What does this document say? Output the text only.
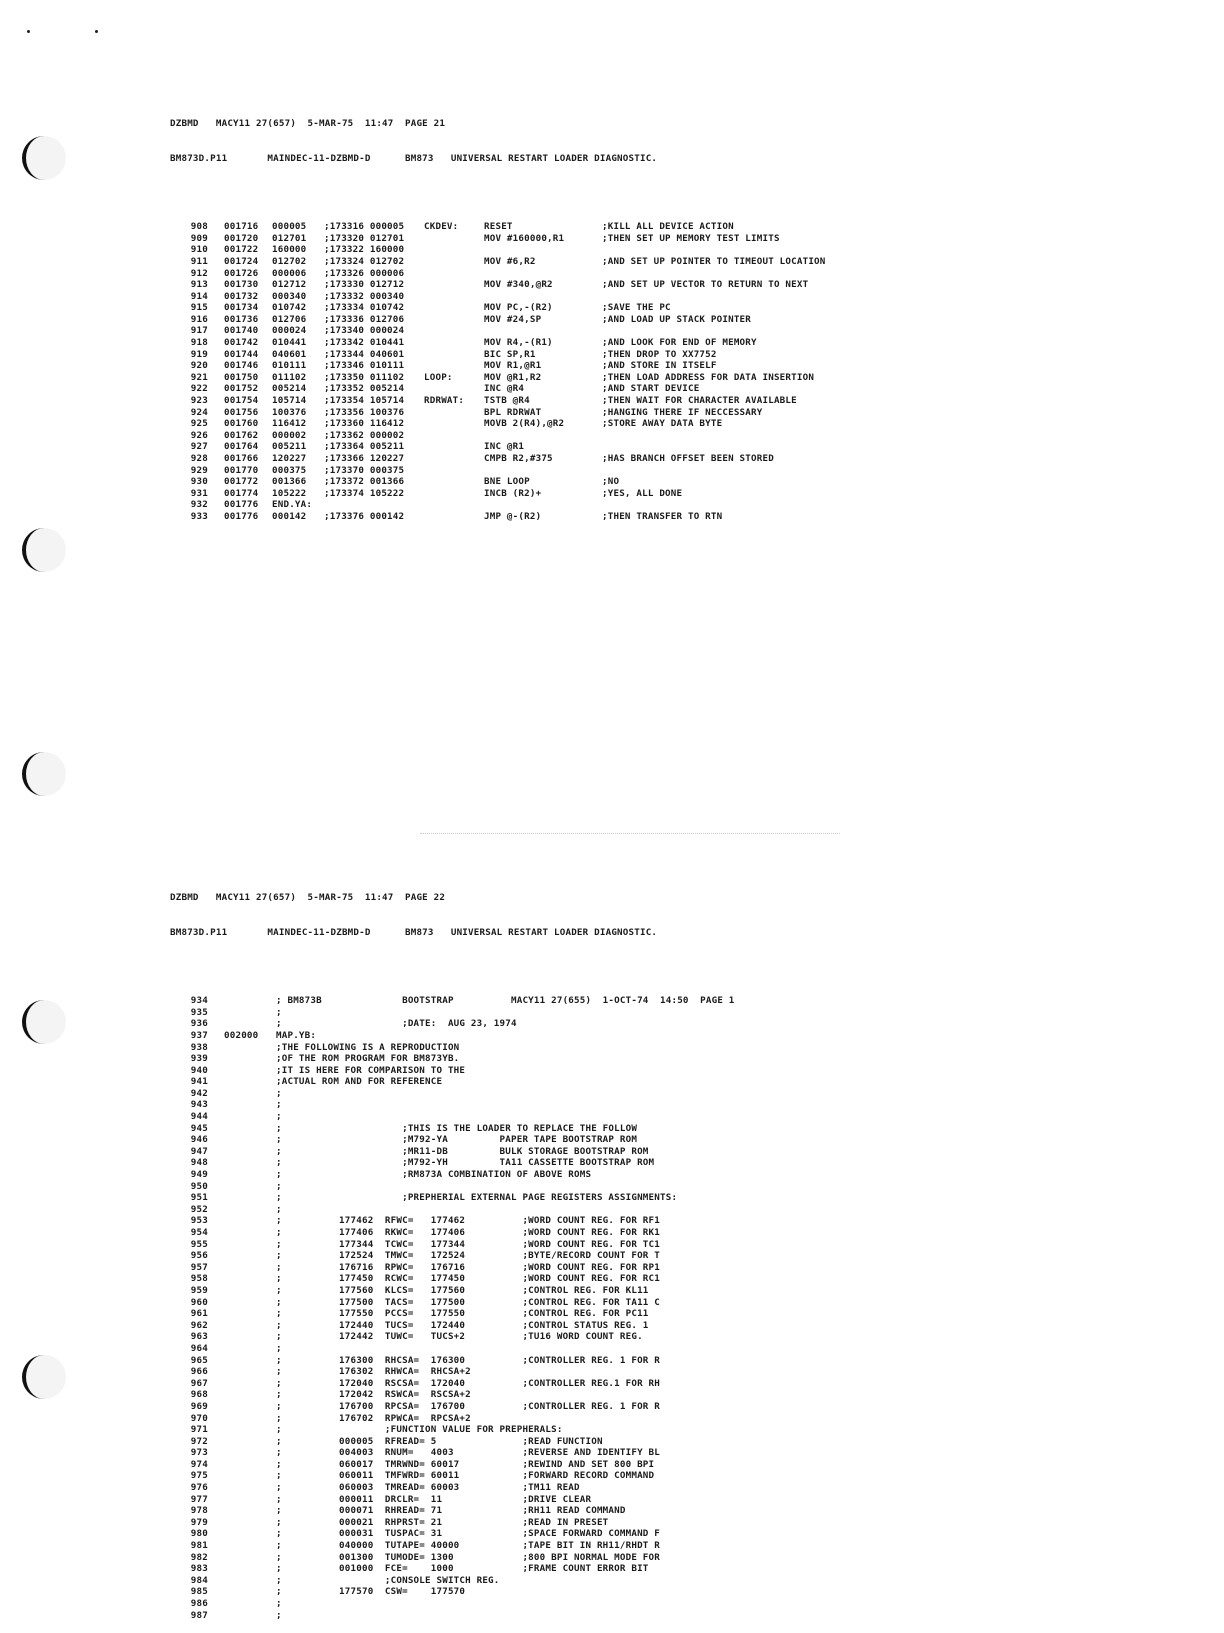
DZBMD   MACY11 27(657)  5-MAR-75  11:47  PAGE 21

BM873D.P11       MAINDEC-11-DZBMD-D      BM873   UNIVERSAL RESTART LOADER DIAGNOSTIC.

908 001716 000005 ;173316 000005 CKDEV:	RESET	;KILL ALL DEVICE ACTION
909 001720 012701 ;173320 012701	MOV #160000,R1	;THEN SET UP MEMORY TEST LIMITS
910 001722 160000 ;173322 160000
911 001724 012702 ;173324 012702	MOV #6,R2	;AND SET UP POINTER TO TIMEOUT LOCATION
912 001726 000006 ;173326 000006
913 001730 012712 ;173330 012712	MOV #340,@R2	;AND SET UP VECTOR TO RETURN TO NEXT
914 001732 000340 ;173332 000340
915 001734 010742 ;173334 010742	MOV PC,-(R2)	;SAVE THE PC
916 001736 012706 ;173336 012706	MOV #24,SP	;AND LOAD UP STACK POINTER
917 001740 000024 ;173340 000024
918 001742 010441 ;173342 010441	MOV R4,-(R1)	;AND LOOK FOR END OF MEMORY
919 001744 040601 ;173344 040601	BIC SP,R1	;THEN DROP TO XX7752
920 001746 010111 ;173346 010111	MOV R1,@R1	;AND STORE IN ITSELF
921 001750 011102 ;173350 011102 LOOP:	MOV @R1,R2	;THEN LOAD ADDRESS FOR DATA INSERTION
922 001752 005214 ;173352 005214	INC @R4	;AND START DEVICE
923 001754 105714 ;173354 105714 RDRWAT: TSTB @R4	;THEN WAIT FOR CHARACTER AVAILABLE
924 001756 100376 ;173356 100376	BPL RDRWAT	;HANGING THERE IF NECCESSARY
925 001760 116412 ;173360 116412	MOVB 2(R4),@R2	;STORE AWAY DATA BYTE
926 001762 000002 ;173362 000002
927 001764 005211 ;173364 005211	INC @R1
928 001766 120227 ;173366 120227	CMPB R2,#375	;HAS BRANCH OFFSET BEEN STORED
929 001770 000375 ;173370 000375
930 001772 001366 ;173372 001366	BNE LOOP	;NO
931 001774 105222 ;173374 105222	INCB (R2)+	;YES, ALL DONE
932 001776 END.YA:
933 001776 000142 ;173376 000142	JMP @-(R2)	;THEN TRANSFER TO RTN

DZBMD   MACY11 27(657)  5-MAR-75  11:47  PAGE 22

BM873D.P11       MAINDEC-11-DZBMD-D      BM873   UNIVERSAL RESTART LOADER DIAGNOSTIC.

934	; BM873B              BOOTSTRAP          MACY11 27(655)  1-OCT-74  14:50  PAGE 1
935	;
936	;                     ;DATE:  AUG 23, 1974
937 002000 MAP.YB:
938	;THE FOLLOWING IS A REPRODUCTION
939	;OF THE ROM PROGRAM FOR BM873YB.
940	;IT IS HERE FOR COMPARISON TO THE
941	;ACTUAL ROM AND FOR REFERENCE
942	;
943	;
944	;
945	;                     ;THIS IS THE LOADER TO REPLACE THE FOLLOW
946	;                     ;M792-YA         PAPER TAPE BOOTSTRAP ROM
947	;                     ;MR11-DB         BULK STORAGE BOOTSTRAP ROM
948	;                     ;M792-YH         TA11 CASSETTE BOOTSTRAP ROM
949	;                     ;RM873A COMBINATION OF ABOVE ROMS
950	;
951	;                     ;PREPHERIAL EXTERNAL PAGE REGISTERS ASSIGNMENTS:
952	;
953	;          177462  RFWC=   177462          ;WORD COUNT REG. FOR RF1
954	;          177406  RKWC=   177406          ;WORD COUNT REG. FOR RK1
955	;          177344  TCWC=   177344          ;WORD COUNT REG. FOR TC1
956	;          172524  TMWC=   172524          ;BYTE/RECORD COUNT FOR T
957	;          176716  RPWC=   176716          ;WORD COUNT REG. FOR RP1
958	;          177450  RCWC=   177450          ;WORD COUNT REG. FOR RC1
959	;          177560  KLCS=   177560          ;CONTROL REG. FOR KL11
960	;          177500  TACS=   177500          ;CONTROL REG. FOR TA11 C
961	;          177550  PCCS=   177550          ;CONTROL REG. FOR PC11
962	;          172440  TUCS=   172440          ;CONTROL STATUS REG. 1
963	;          172442  TUWC=   TUCS+2          ;TU16 WORD COUNT REG.
964	;
965	;          176300  RHCSA=  176300          ;CONTROLLER REG. 1 FOR R
966	;          176302  RHWCA=  RHCSA+2
967	;          172040  RSCSA=  172040          ;CONTROLLER REG.1 FOR RH
968	;          172042  RSWCA=  RSCSA+2
969	;          176700  RPCSA=  176700          ;CONTROLLER REG. 1 FOR R
970	;          176702  RPWCA=  RPCSA+2
971	;                  ;FUNCTION VALUE FOR PREPHERALS:
972	;          000005  RFREAD= 5               ;READ FUNCTION
973	;          004003  RNUM=   4003            ;REVERSE AND IDENTIFY BL
974	;          060017  TMRWND= 60017           ;REWIND AND SET 800 BPI
975	;          060011  TMFWRD= 60011           ;FORWARD RECORD COMMAND
976	;          060003  TMREAD= 60003           ;TM11 READ
977	;          000011  DRCLR=  11              ;DRIVE CLEAR
978	;          000071  RHREAD= 71              ;RH11 READ COMMAND
979	;          000021  RHPRST= 21              ;READ IN PRESET
980	;          000031  TUSPAC= 31              ;SPACE FORWARD COMMAND F
981	;          040000  TUTAPE= 40000           ;TAPE BIT IN RH11/RHDT R
982	;          001300  TUMODE= 1300            ;800 BPI NORMAL MODE FOR
983	;          001000  FCE=    1000            ;FRAME COUNT ERROR BIT
984	;                  ;CONSOLE SWITCH REG.
985	;          177570  CSW=    177570
986	;
987	;
